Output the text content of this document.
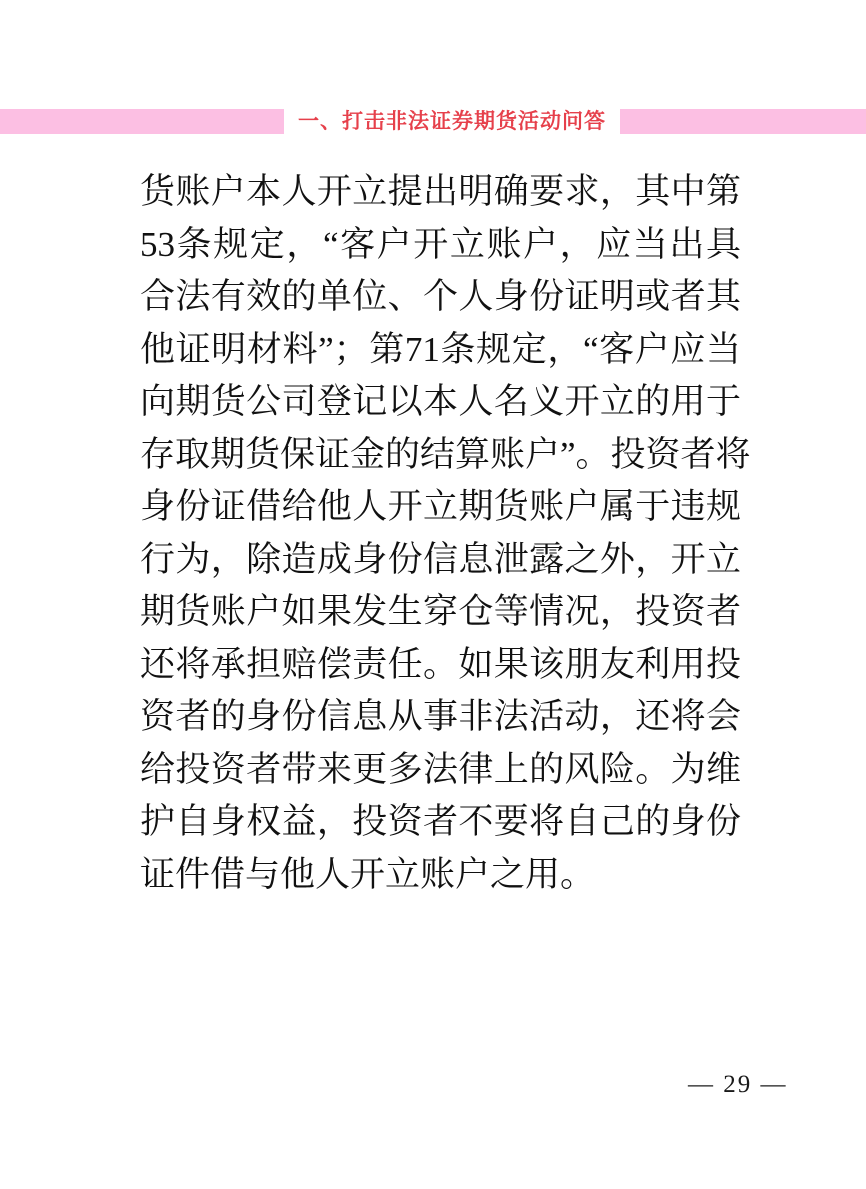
一、打击非法证券期货活动问答
货账户本人开立提出明确要求，其中第
53条规定，“客户开立账户，应当出具
合法有效的单位、个人身份证明或者其
他证明材料”；第71条规定，“客户应当
向期货公司登记以本人名义开立的用于
存取期货保证金的结算账户”。投资者将
身份证借给他人开立期货账户属于违规
行为，除造成身份信息泄露之外，开立
期货账户如果发生穿仓等情况，投资者
还将承担赔偿责任。如果该朋友利用投
资者的身份信息从事非法活动，还将会
给投资者带来更多法律上的风险。为维
护自身权益，投资者不要将自己的身份
证件借与他人开立账户之用。
— 29 —
